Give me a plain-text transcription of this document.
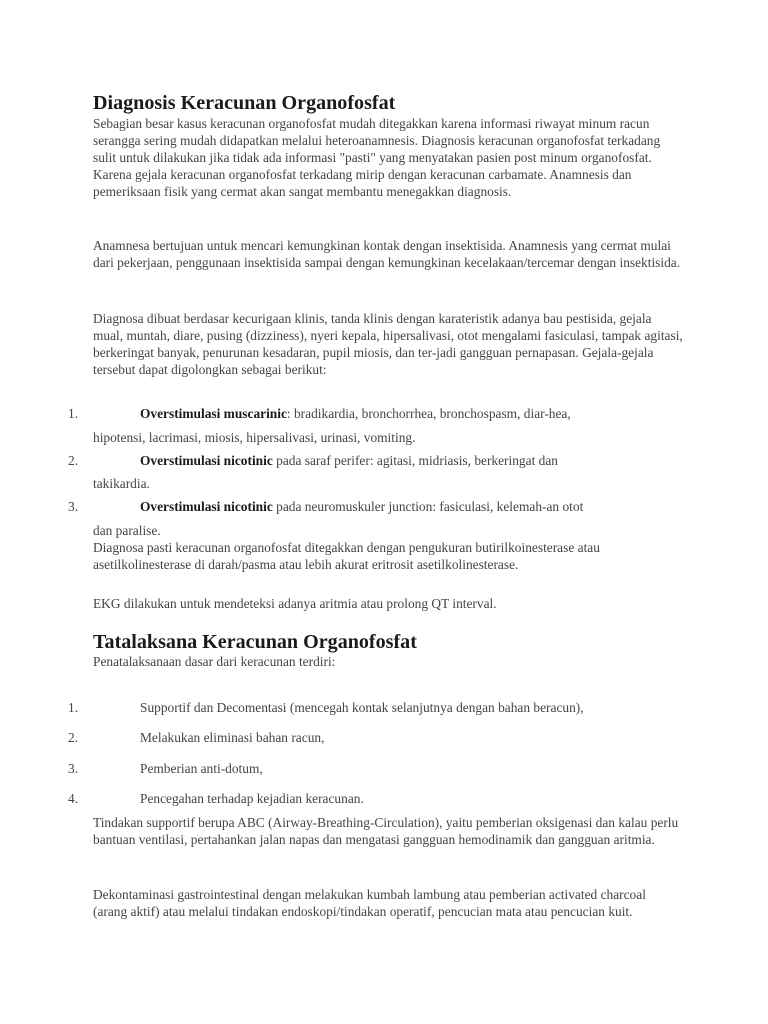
Diagnosis Keracunan Organofosfat

Sebagian besar kasus keracunan organofosfat mudah ditegakkan karena informasi riwayat minum racun serangga sering mudah didapatkan melalui heteroanamnesis. Diagnosis keracunan organofosfat terkadang sulit untuk dilakukan jika tidak ada informasi "pasti" yang menyatakan pasien post minum organofosfat. Karena gejala keracunan organofosfat terkadang mirip dengan keracunan carbamate. Anamnesis dan pemeriksaan fisik yang cermat akan sangat membantu menegakkan diagnosis.

Anamnesa bertujuan untuk mencari kemungkinan kontak dengan insektisida. Anamnesis yang cermat mulai dari pekerjaan, penggunaan insektisida sampai dengan kemungkinan kecelakaan/tercemar dengan insektisida.

Diagnosa dibuat berdasar kecurigaan klinis, tanda klinis dengan karateristik adanya bau pestisida, gejala mual, muntah, diare, pusing (dizziness), nyeri kepala, hipersalivasi, otot mengalami fasiculasi, tampak agitasi, berkeringat banyak, penurunan kesadaran, pupil miosis, dan ter-jadi gangguan pernapasan. Gejala-gejala tersebut dapat digolongkan sebagai berikut:

1.	Overstimulasi muscarinic: bradikardia, bronchorrhea, bronchospasm, diar-hea,
hipotensi, lacrimasi, miosis, hipersalivasi, urinasi, vomiting.
2.	Overstimulasi nicotinic pada saraf perifer: agitasi, midriasis, berkeringat dan
takikardia.
3.	Overstimulasi nicotinic pada neuromuskuler junction: fasiculasi, kelemah-an otot
dan paralise.

Diagnosa pasti keracunan organofosfat ditegakkan dengan pengukuran butirilkoinesterase atau asetilkolinesterase di darah/pasma atau lebih akurat eritrosit asetilkolinesterase.

EKG dilakukan untuk mendeteksi adanya aritmia atau prolong QT interval.

Tatalaksana Keracunan Organofosfat

Penatalaksanaan dasar dari keracunan terdiri:

1.	Supportif dan Decomentasi (mencegah kontak selanjutnya dengan bahan beracun),
2.	Melakukan eliminasi bahan racun,
3.	Pemberian anti-dotum,
4.	Pencegahan terhadap kejadian keracunan.

Tindakan supportif berupa ABC (Airway-Breathing-Circulation), yaitu pemberian oksigenasi dan kalau perlu bantuan ventilasi, pertahankan jalan napas dan mengatasi gangguan hemodinamik dan gangguan aritmia.

Dekontaminasi gastrointestinal dengan melakukan kumbah lambung atau pemberian activated charcoal (arang aktif) atau melalui tindakan endoskopi/tindakan operatif, pencucian mata atau pencucian kuit.
